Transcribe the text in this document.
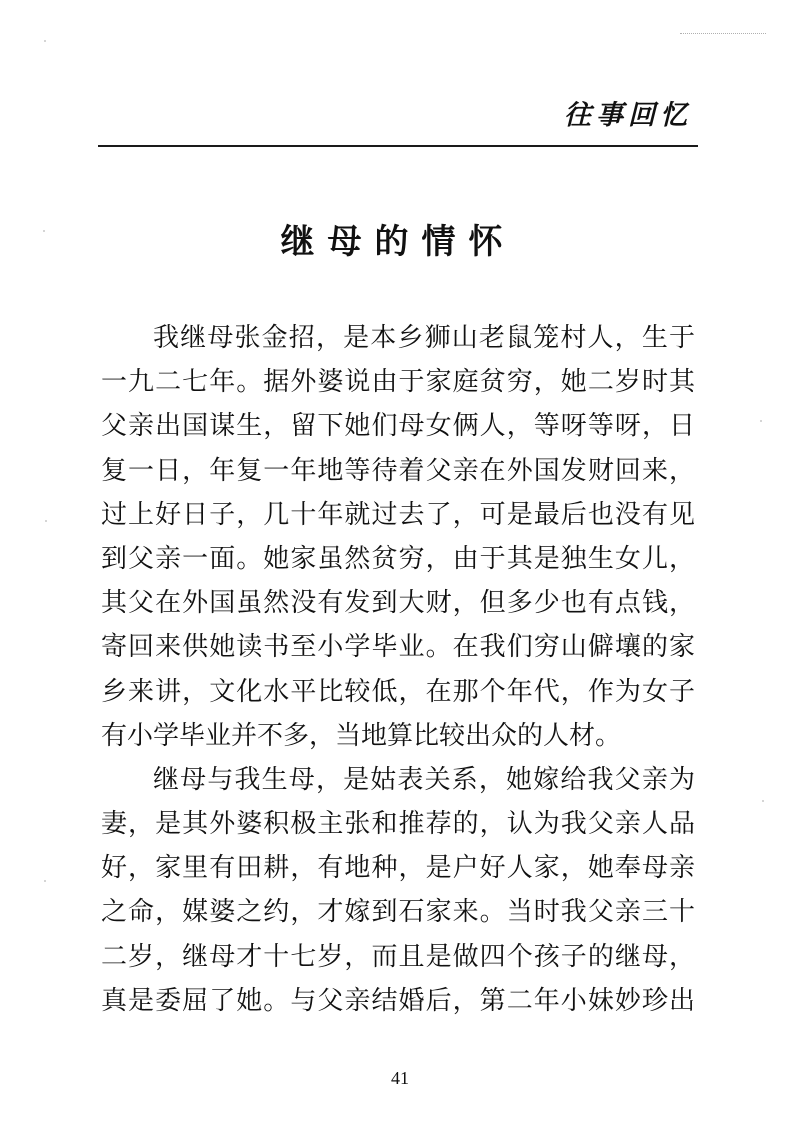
往事回忆
继母的情怀
我继母张金招，是本乡狮山老鼠笼村人，生于
一九二七年。据外婆说由于家庭贫穷，她二岁时其
父亲出国谋生，留下她们母女俩人，等呀等呀，日
复一日，年复一年地等待着父亲在外国发财回来，
过上好日子，几十年就过去了，可是最后也没有见
到父亲一面。她家虽然贫穷，由于其是独生女儿，
其父在外国虽然没有发到大财，但多少也有点钱，
寄回来供她读书至小学毕业。在我们穷山僻壤的家
乡来讲，文化水平比较低，在那个年代，作为女子
有小学毕业并不多，当地算比较出众的人材。
继母与我生母，是姑表关系，她嫁给我父亲为
妻，是其外婆积极主张和推荐的，认为我父亲人品
好，家里有田耕，有地种，是户好人家，她奉母亲
之命，媒婆之约，才嫁到石家来。当时我父亲三十
二岁，继母才十七岁，而且是做四个孩子的继母，
真是委屈了她。与父亲结婚后，第二年小妹妙珍出
41
